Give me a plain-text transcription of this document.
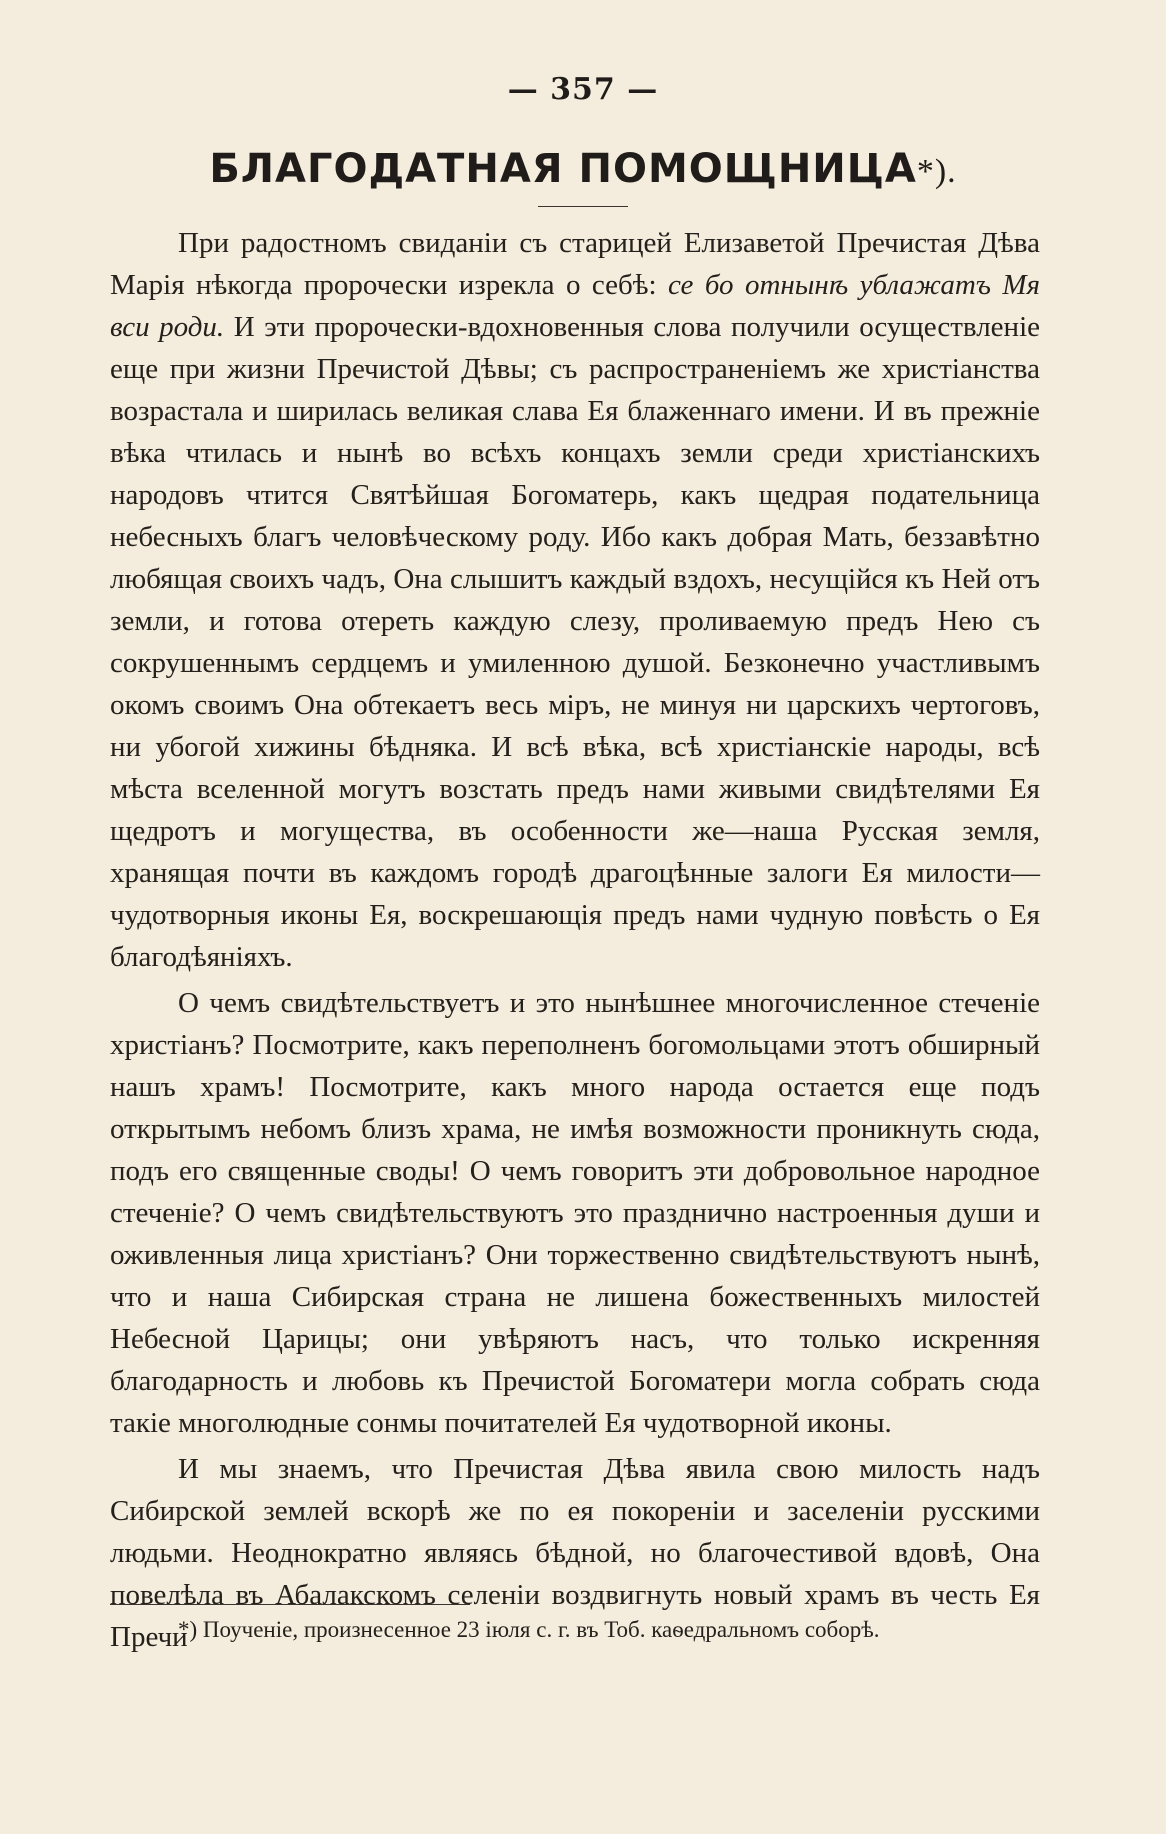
— 357 —
БЛАГОДАТНАЯ ПОМОЩНИЦА*).

При радостномъ свиданіи съ старицей Елизаветой Пречистая Дѣва Марія нѣкогда пророчески изрекла о себѣ: се бо отнынѣ ублажатъ Мя вси роди. И эти пророчески-вдохновенныя слова получили осуществленіе еще при жизни Пречистой Дѣвы; съ распространеніемъ же христіанства возрастала и ширилась великая слава Ея блаженнаго имени. И въ прежніе вѣка чтилась и нынѣ во всѣхъ концахъ земли среди христіанскихъ народовъ чтится Святѣйшая Богоматерь, какъ щедрая подательница небесныхъ благъ человѣческому роду. Ибо какъ добрая Мать, беззавѣтно любящая своихъ чадъ, Она слышитъ каждый вздохъ, несущійся къ Ней отъ земли, и готова отереть каждую слезу, проливаемую предъ Нею съ сокрушеннымъ сердцемъ и умиленною душой. Безконечно участливымъ окомъ своимъ Она обтекаетъ весь міръ, не минуя ни царскихъ чертоговъ, ни убогой хижины бѣдняка. И всѣ вѣка, всѣ христіанскіе народы, всѣ мѣста вселенной могутъ возстать предъ нами живыми свидѣтелями Ея щедротъ и могущества, въ особенности же—наша Русская земля, хранящая почти въ каждомъ городѣ драгоцѣнные залоги Ея милости—чудотворныя иконы Ея, воскрешающія предъ нами чудную повѣсть о Ея благодѣяніяхъ.

О чемъ свидѣтельствуетъ и это нынѣшнее многочисленное стеченіе христіанъ? Посмотрите, какъ переполненъ богомольцами этотъ обширный нашъ храмъ! Посмотрите, какъ много народа остается еще подъ открытымъ небомъ близъ храма, не имѣя возможности проникнуть сюда, подъ его священные своды! О чемъ говоритъ эти добровольное народное стеченіе? О чемъ свидѣтельствуютъ это празднично настроенныя души и оживленныя лица христіанъ? Они торжественно свидѣтельствуютъ нынѣ, что и наша Сибирская страна не лишена божественныхъ милостей Небесной Царицы; они увѣряютъ насъ, что только искренняя благодарность и любовь къ Пречистой Богоматери могла собрать сюда такіе многолюдные сонмы почитателей Ея чудотворной иконы.

И мы знаемъ, что Пречистая Дѣва явила свою милость надъ Сибирской землей вскорѣ же по ея покореніи и заселеніи русскими людьми. Неоднократно являясь бѣдной, но благочестивой вдовѣ, Она повелѣла въ Абалакскомъ селеніи воздвигнуть новый храмъ въ честь Ея Пречи

*) Поученіе, произнесенное 23 іюля с. г. въ Тоб. каѳедральномъ соборѣ.
